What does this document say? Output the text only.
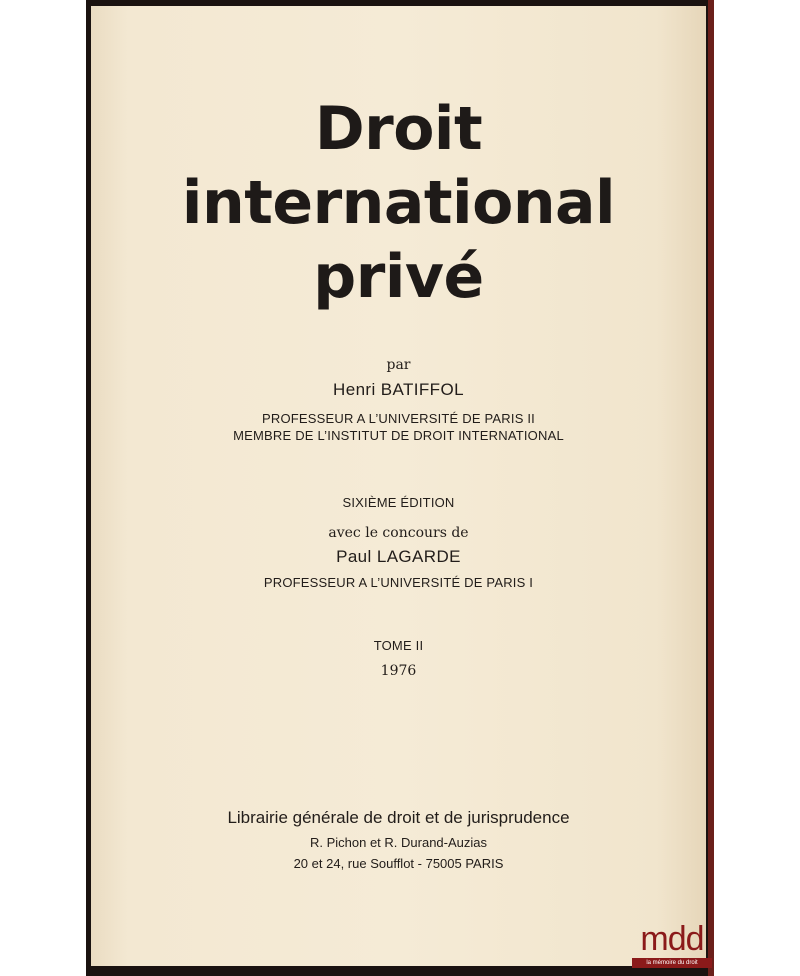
Droit
international
privé
par
Henri BATIFFOL
PROFESSEUR A L’UNIVERSITÉ DE PARIS II
MEMBRE DE L’INSTITUT DE DROIT INTERNATIONAL
SIXIÈME ÉDITION
avec le concours de
Paul LAGARDE
PROFESSEUR A L’UNIVERSITÉ DE PARIS I
TOME II
1976
Librairie générale de droit et de jurisprudence
R. Pichon et R. Durand-Auzias
20 et 24, rue Soufflot - 75005 PARIS
mdd
la mémoire du droit
